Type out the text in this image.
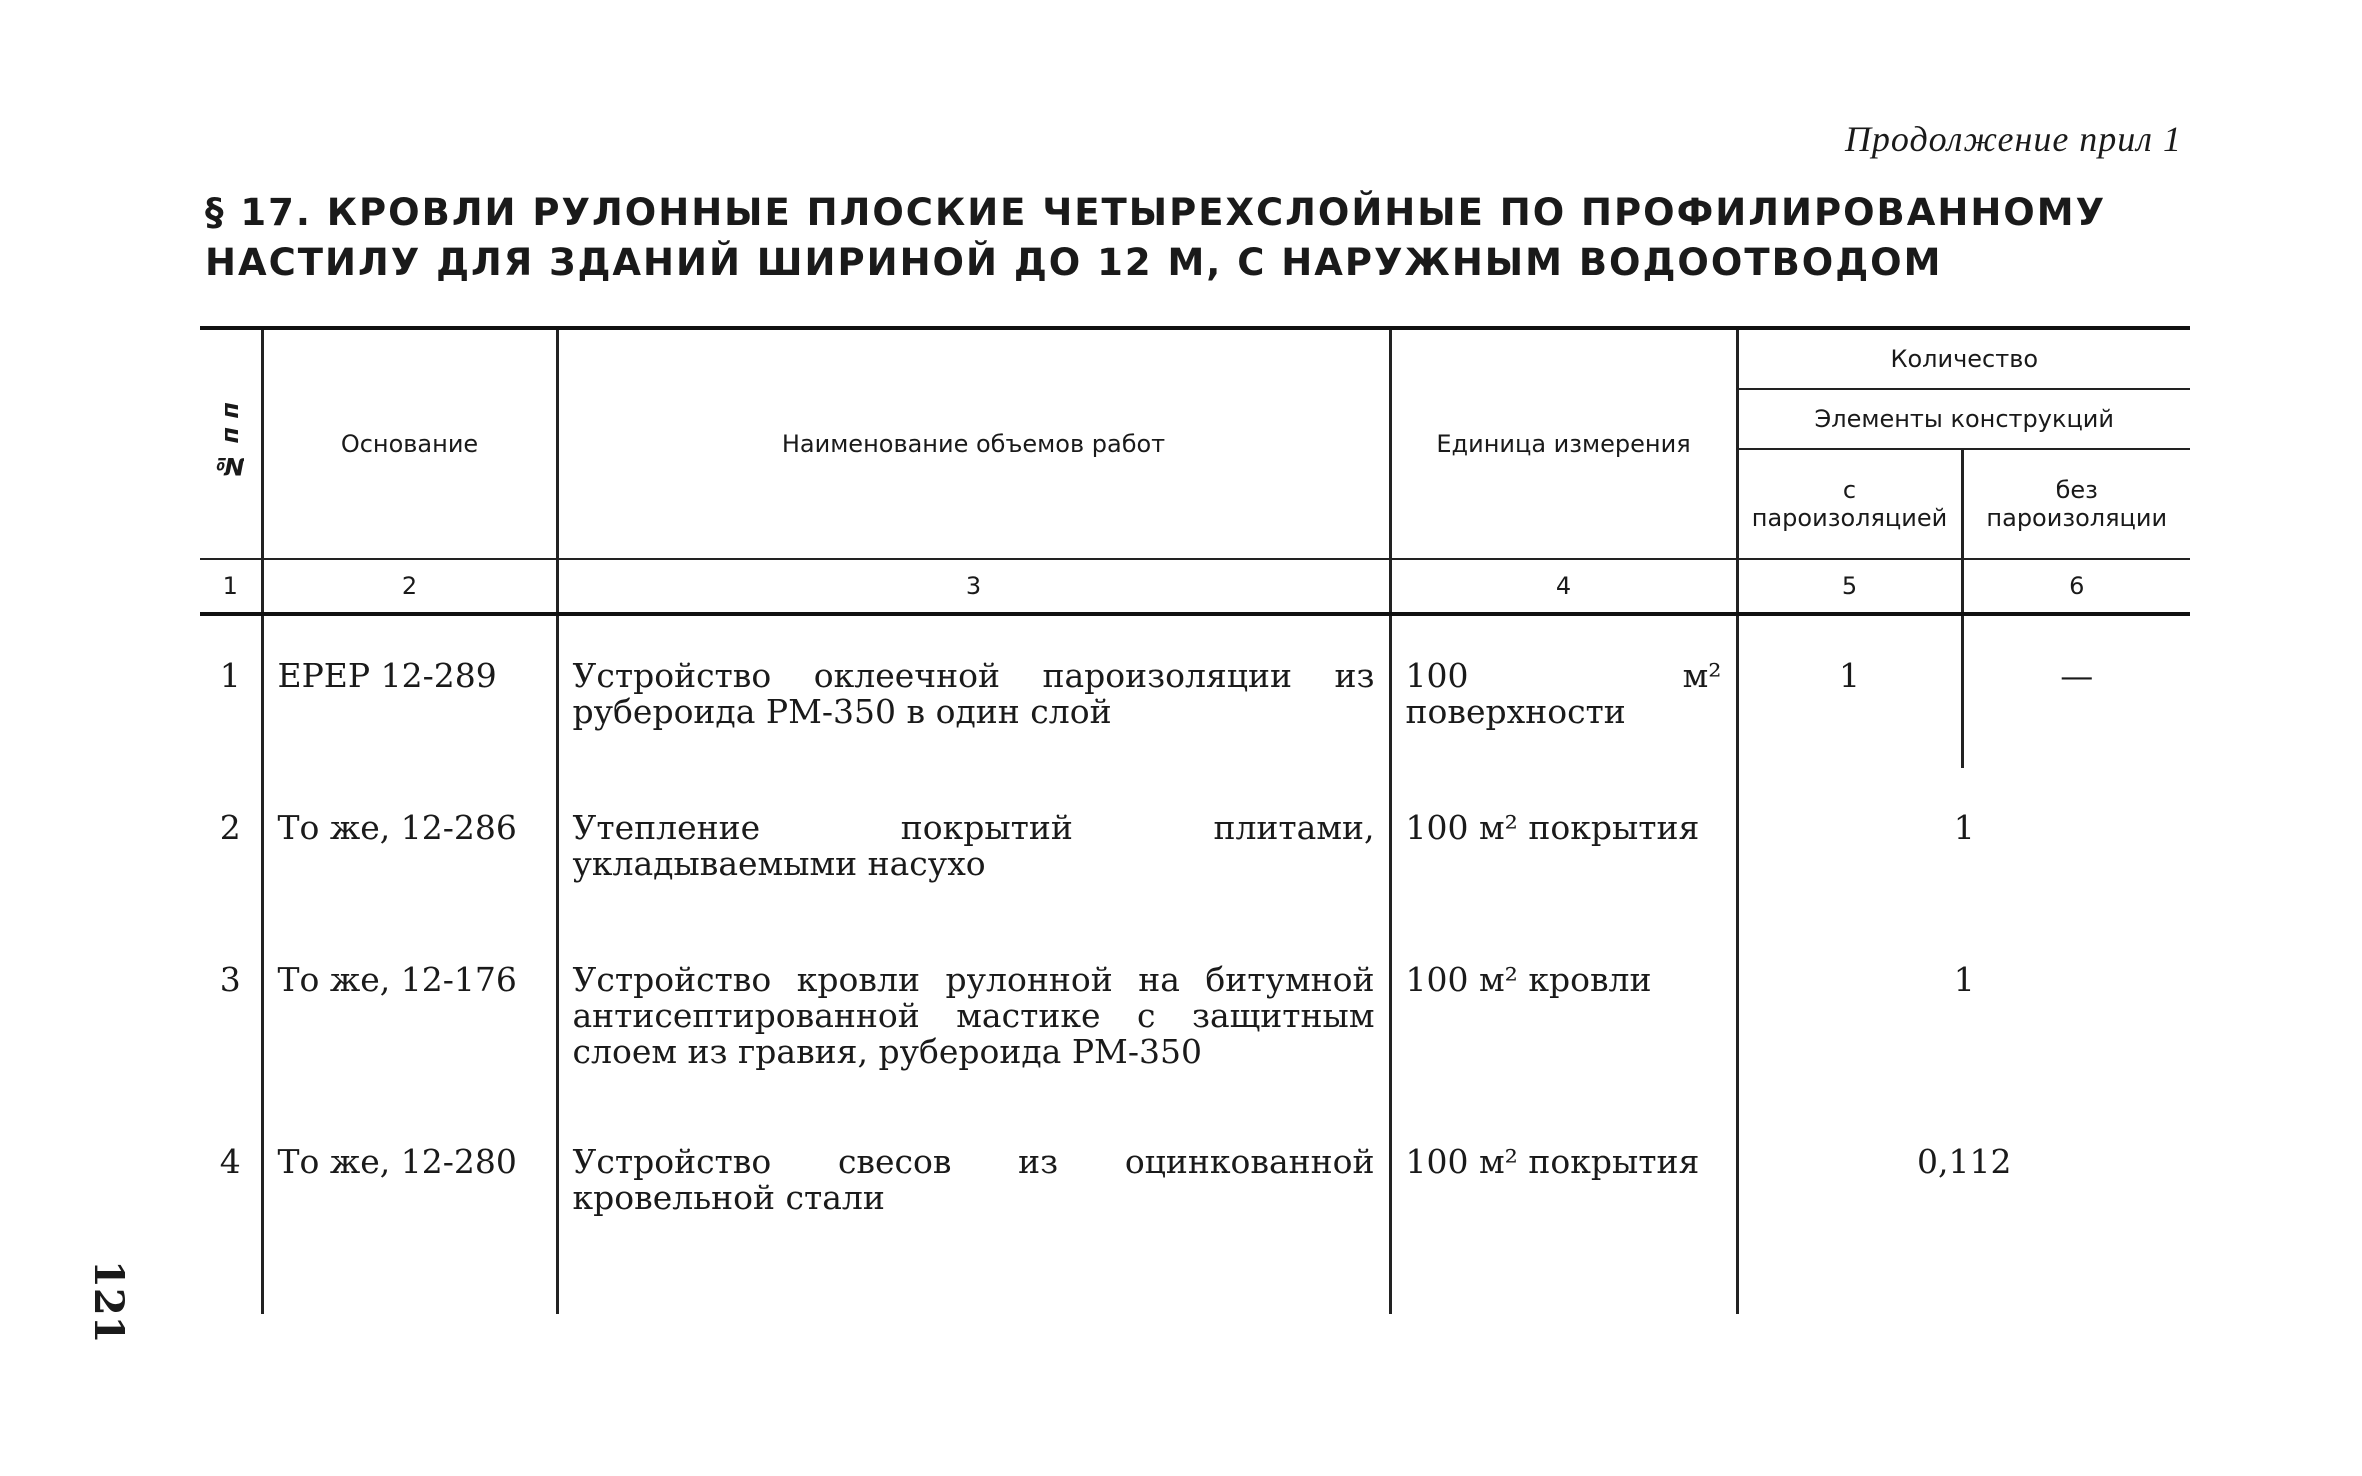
Продолжение прил 1
§ 17. КРОВЛИ РУЛОННЫЕ ПЛОСКИЕ ЧЕТЫРЕХСЛОЙНЫЕ ПО ПРОФИЛИРОВАННОМУ НАСТИЛУ ДЛЯ ЗДАНИЙ ШИРИНОЙ ДО 12 М, С НАРУЖНЫМ ВОДООТВОДОМ
№ п п	Основание	Наименование объемов работ	Единица измерения	Количество	
				Элементы конструкций	
				с пароизоляцией	без пароизоляции
1	2	3	4	5	6
1	ЕРЕР 12-289	Устройство оклеечной пароизоляции из рубероида РМ-350 в один слой	100 м² поверхности	1	—
2	То же, 12-286	Утепление покрытий плитами, укладываемыми насухо	100 м² покрытия	1	
3	То же, 12-176	Устройство кровли рулонной на битумной антисептированной мастике с защитным слоем из гравия, рубероида РМ-350	100 м² кровли	1	
4	То же, 12-280	Устройство свесов из оцинкованной кровельной стали	100 м² покрытия	0,112	
121
